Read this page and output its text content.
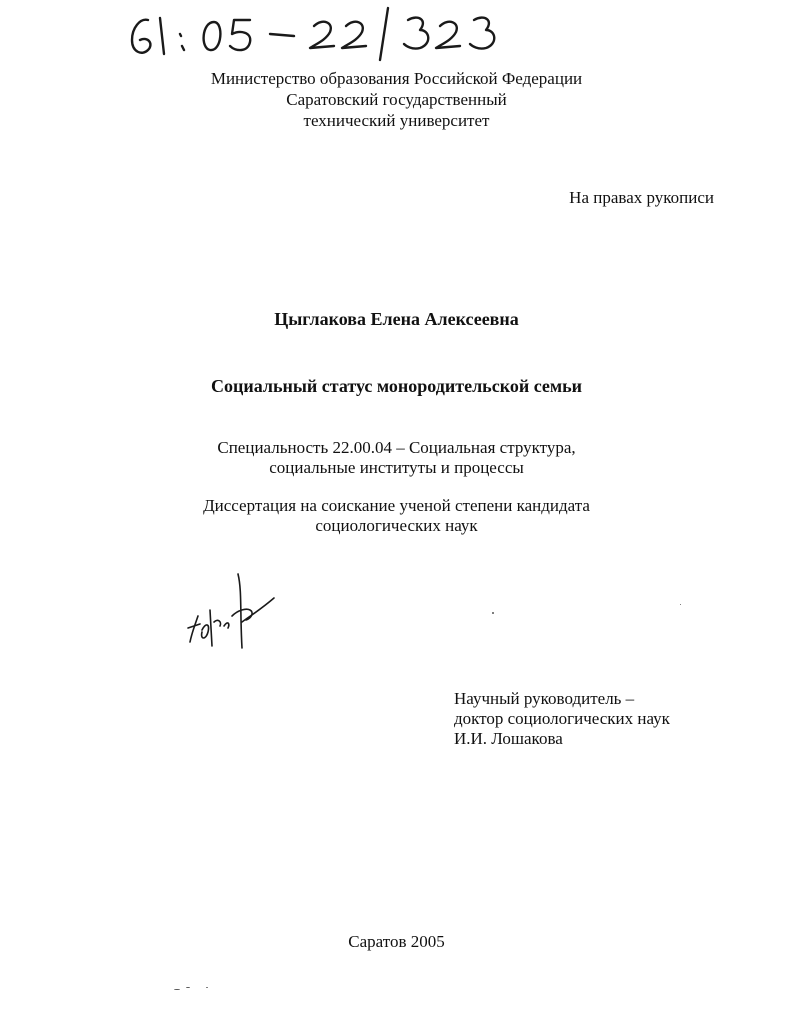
Министерство образования Российской Федерации
Саратовский государственный
технический университет
На правах рукописи
Цыглакова Елена Алексеевна
Социальный статус монородительской семьи
Специальность 22.00.04 – Социальная структура,
социальные институты и процессы
Диссертация на соискание ученой степени кандидата
социологических наук
Научный руководитель –
доктор социологических наук
И.И. Лошакова
Саратов 2005
